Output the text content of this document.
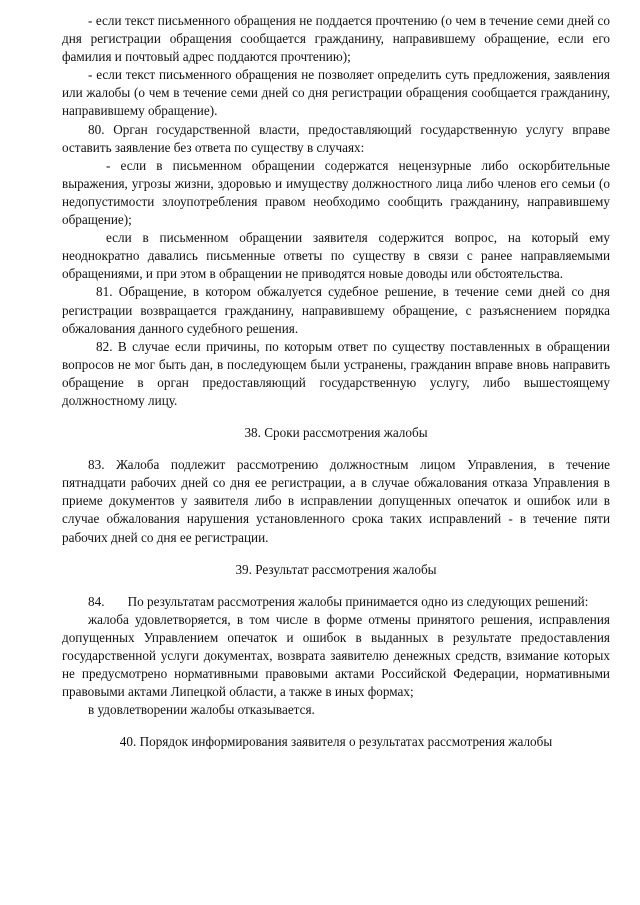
- если текст письменного обращения не поддается прочтению (о чем в течение семи дней со дня регистрации обращения сообщается гражданину, направившему обращение, если его фамилия и почтовый адрес поддаются прочтению);

- если текст письменного обращения не позволяет определить суть предложения, заявления или жалобы (о чем в течение семи дней со дня регистрации обращения сообщается гражданину, направившему обращение).

80. Орган государственной власти, предоставляющий государственную услугу вправе оставить заявление без ответа по существу в случаях:

- если в письменном обращении содержатся нецензурные либо оскорбительные выражения, угрозы жизни, здоровью и имуществу должностного лица либо членов его семьи (о недопустимости злоупотребления правом необходимо сообщить гражданину, направившему обращение);

если в письменном обращении заявителя содержится вопрос, на который ему неоднократно давались письменные ответы по существу в связи с ранее направляемыми обращениями, и при этом в обращении не приводятся новые доводы или обстоятельства.

81. Обращение, в котором обжалуется судебное решение, в течение семи дней со дня регистрации возвращается гражданину, направившему обращение, с разъяснением порядка обжалования данного судебного решения.

82. В случае если причины, по которым ответ по существу поставленных в обращении вопросов не мог быть дан, в последующем были устранены, гражданин вправе вновь направить обращение в орган предоставляющий государственную услугу, либо вышестоящему должностному лицу.

38. Сроки рассмотрения жалобы

83. Жалоба подлежит рассмотрению должностным лицом Управления, в течение пятнадцати рабочих дней со дня ее регистрации, а в случае обжалования отказа Управления в приеме документов у заявителя либо в исправлении допущенных опечаток и ошибок или в случае обжалования нарушения установленного срока таких исправлений - в течение пяти рабочих дней со дня ее регистрации.

39. Результат рассмотрения жалобы

84.       По результатам рассмотрения жалобы принимается одно из следующих решений:

жалоба удовлетворяется, в том числе в форме отмены принятого решения, исправления допущенных Управлением опечаток и ошибок в выданных в результате предоставления государственной услуги документах, возврата заявителю денежных средств, взимание которых не предусмотрено нормативными правовыми актами Российской Федерации, нормативными правовыми актами Липецкой области, а также в иных формах;

в удовлетворении жалобы отказывается.

40. Порядок информирования заявителя о результатах рассмотрения жалобы
